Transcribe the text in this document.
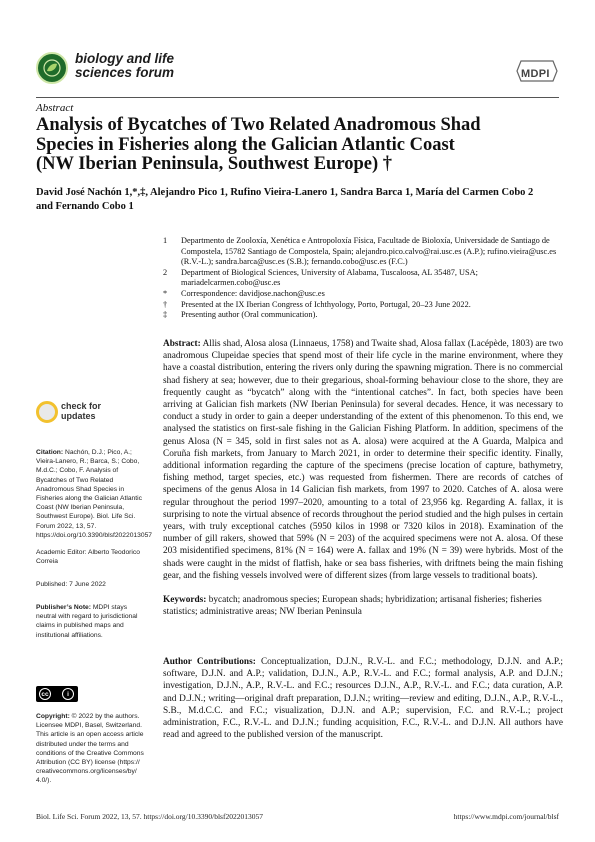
biology and life
sciences forum	MDPI
Abstract
Analysis of Bycatches of Two Related Anadromous Shad Species in Fisheries along the Galician Atlantic Coast (NW Iberian Peninsula, Southwest Europe) †
David José Nachón 1,*,‡, Alejandro Pico 1, Rufino Vieira-Lanero 1, Sandra Barca 1, María del Carmen Cobo 2
and Fernando Cobo 1
1	Departmento de Zooloxía, Xenética e Antropoloxía Física, Facultade de Bioloxía, Universidade de Santiago de Compostela, 15782 Santiago de Compostela, Spain; alejandro.pico.calvo@rai.usc.es (A.P.); rufino.vieira@usc.es (R.V.-L.); sandra.barca@usc.es (S.B.); fernando.cobo@usc.es (F.C.)
2	Department of Biological Sciences, University of Alabama, Tuscaloosa, AL 35487, USA; mariadelcarmen.cobo@usc.es
*	Correspondence: davidjose.nachon@usc.es
†	Presented at the IX Iberian Congress of Ichthyology, Porto, Portugal, 20–23 June 2022.
‡	Presenting author (Oral communication).
Abstract: Allis shad, Alosa alosa (Linnaeus, 1758) and Twaite shad, Alosa fallax (Lacépède, 1803) are two anadromous Clupeidae species that spend most of their life cycle in the marine environment, where they have a coastal distribution, entering the rivers only during the spawning migration. There is no commercial shad fishery at sea; however, due to their gregarious, shoal-forming behaviour close to the shore, they are frequently caught as “bycatch” along with the “intentional catches”. In fact, both species have been arriving at Galician fish markets (NW Iberian Peninsula) for several decades. Hence, it was necessary to conduct a study in order to gain a deeper understanding of the extent of this phenomenon. To this end, we analysed the statistics on first-sale fishing in the Galician Fishing Platform. In addition, specimens of the genus Alosa (N = 345, sold in first sales not as A. alosa) were acquired at the A Guarda, Malpica and Coruña fish markets, from January to March 2021, in order to determine their specific identity. Finally, additional information regarding the capture of the specimens (precise location of capture, bathymetry, fishing method, target species, etc.) was requested from fishermen. There are records of catches of specimens of the genus Alosa in 14 Galician fish markets, from 1997 to 2020. Catches of A. alosa were regular throughout the period 1997–2020, amounting to a total of 23,956 kg. Regarding A. fallax, it is surprising to note the virtual absence of records throughout the period studied and the high pulses in certain years, with truly exceptional catches (5950 kilos in 1998 or 7320 kilos in 2018). Examination of the number of gill rakers, showed that 59% (N = 203) of the acquired specimens were not A. alosa. Of these 203 misidentified specimens, 81% (N = 164) were A. fallax and 19% (N = 39) were hybrids. Most of the shads were caught in the midst of flatfish, hake or sea bass fisheries, with driftnets being the main fishing gear, and the fishing vessels involved were of different sizes (from large vessels to traditional boats).
Keywords: bycatch; anadromous species; European shads; hybridization; artisanal fisheries; fisheries statistics; administrative areas; NW Iberian Peninsula
Author Contributions: Conceptualization, D.J.N., R.V.-L. and F.C.; methodology, D.J.N. and A.P.; software, D.J.N. and A.P.; validation, D.J.N., A.P., R.V.-L. and F.C.; formal analysis, A.P. and D.J.N.; investigation, D.J.N., A.P., R.V.-L. and F.C.; resources D.J.N., A.P., R.V.-L. and F.C.; data curation, A.P. and D.J.N.; writing—original draft preparation, D.J.N.; writing—review and editing, D.J.N., A.P., R.V.-L., S.B., M.d.C.C. and F.C.; visualization, D.J.N. and A.P.; supervision, F.C. and R.V.-L.; project administration, F.C., R.V.-L. and D.J.N.; funding acquisition, F.C., R.V.-L. and D.J.N. All authors have read and agreed to the published version of the manuscript.
check for
updates
Citation: Nachón, D.J.; Pico, A.; Vieira-Lanero, R.; Barca, S.; Cobo, M.d.C.; Cobo, F. Analysis of Bycatches of Two Related Anadromous Shad Species in Fisheries along the Galician Atlantic Coast (NW Iberian Peninsula, Southwest Europe). Biol. Life Sci. Forum 2022, 13, 57. https://doi.org/10.3390/blsf2022013057
Academic Editor: Alberto Teodorico Correia
Published: 7 June 2022
Publisher’s Note: MDPI stays neutral with regard to jurisdictional claims in published maps and institutional affiliations.
cc	i
Copyright: © 2022 by the authors. Licensee MDPI, Basel, Switzerland. This article is an open access article distributed under the terms and conditions of the Creative Commons Attribution (CC BY) license (https:// creativecommons.org/licenses/by/ 4.0/).
Biol. Life Sci. Forum 2022, 13, 57. https://doi.org/10.3390/blsf2022013057	https://www.mdpi.com/journal/blsf
